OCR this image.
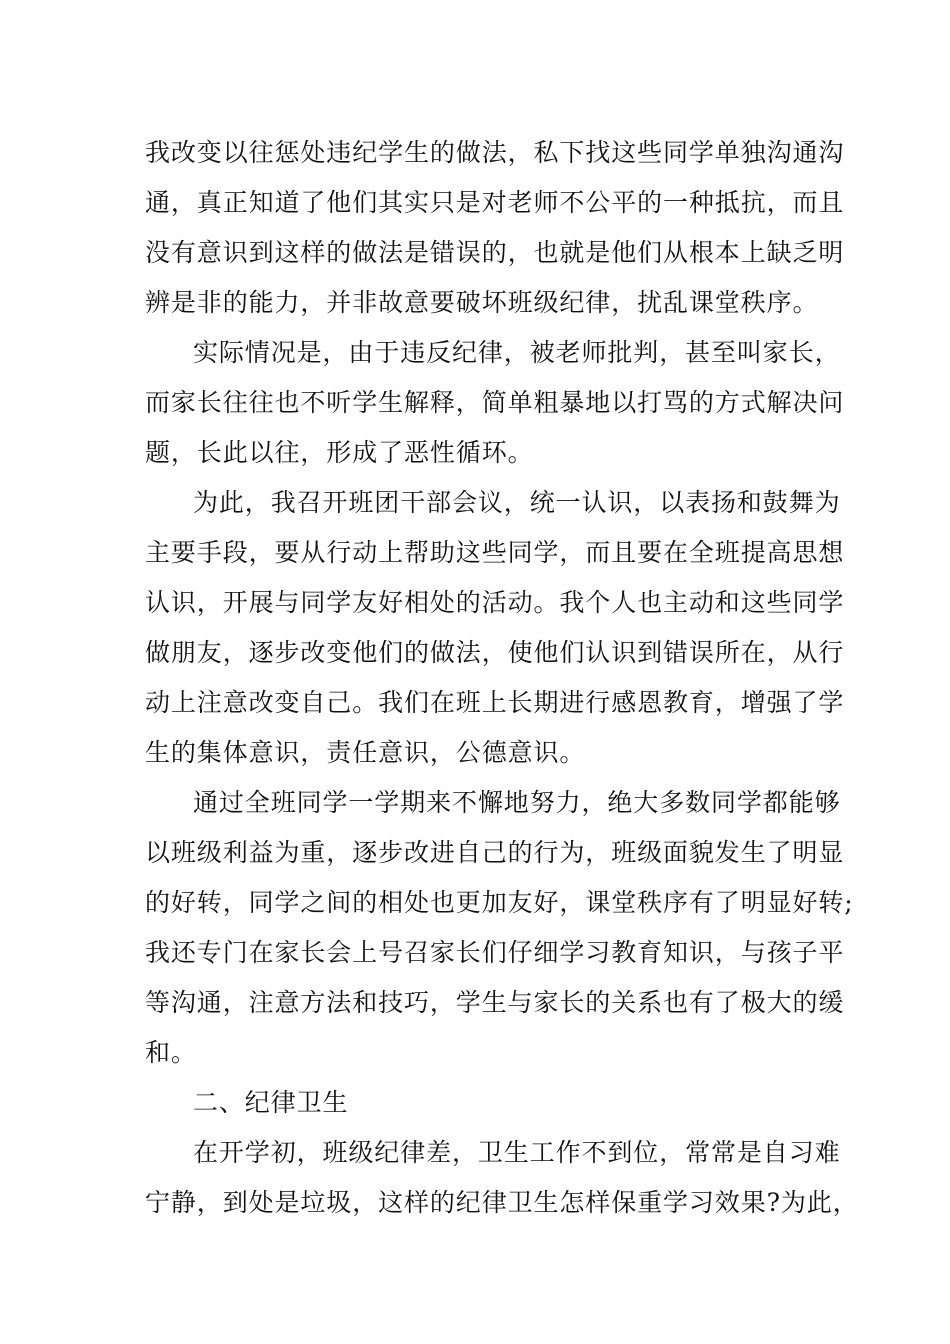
我改变以往惩处违纪学生的做法，私下找这些同学单独沟通沟
通，真正知道了他们其实只是对老师不公平的一种抵抗，而且
没有意识到这样的做法是错误的，也就是他们从根本上缺乏明
辨是非的能力，并非故意要破坏班级纪律，扰乱课堂秩序。
实际情况是，由于违反纪律，被老师批判，甚至叫家长，
而家长往往也不听学生解释，简单粗暴地以打骂的方式解决问
题，长此以往，形成了恶性循环。
为此，我召开班团干部会议，统一认识，以表扬和鼓舞为
主要手段，要从行动上帮助这些同学，而且要在全班提高思想
认识，开展与同学友好相处的活动。我个人也主动和这些同学
做朋友，逐步改变他们的做法，使他们认识到错误所在，从行
动上注意改变自己。我们在班上长期进行感恩教育，增强了学
生的集体意识，责任意识，公德意识。
通过全班同学一学期来不懈地努力，绝大多数同学都能够
以班级利益为重，逐步改进自己的行为，班级面貌发生了明显
的好转，同学之间的相处也更加友好，课堂秩序有了明显好转;
我还专门在家长会上号召家长们仔细学习教育知识，与孩子平
等沟通，注意方法和技巧，学生与家长的关系也有了极大的缓
和。
二、纪律卫生
在开学初，班级纪律差，卫生工作不到位，常常是自习难
宁静，到处是垃圾，这样的纪律卫生怎样保重学习效果?为此，
